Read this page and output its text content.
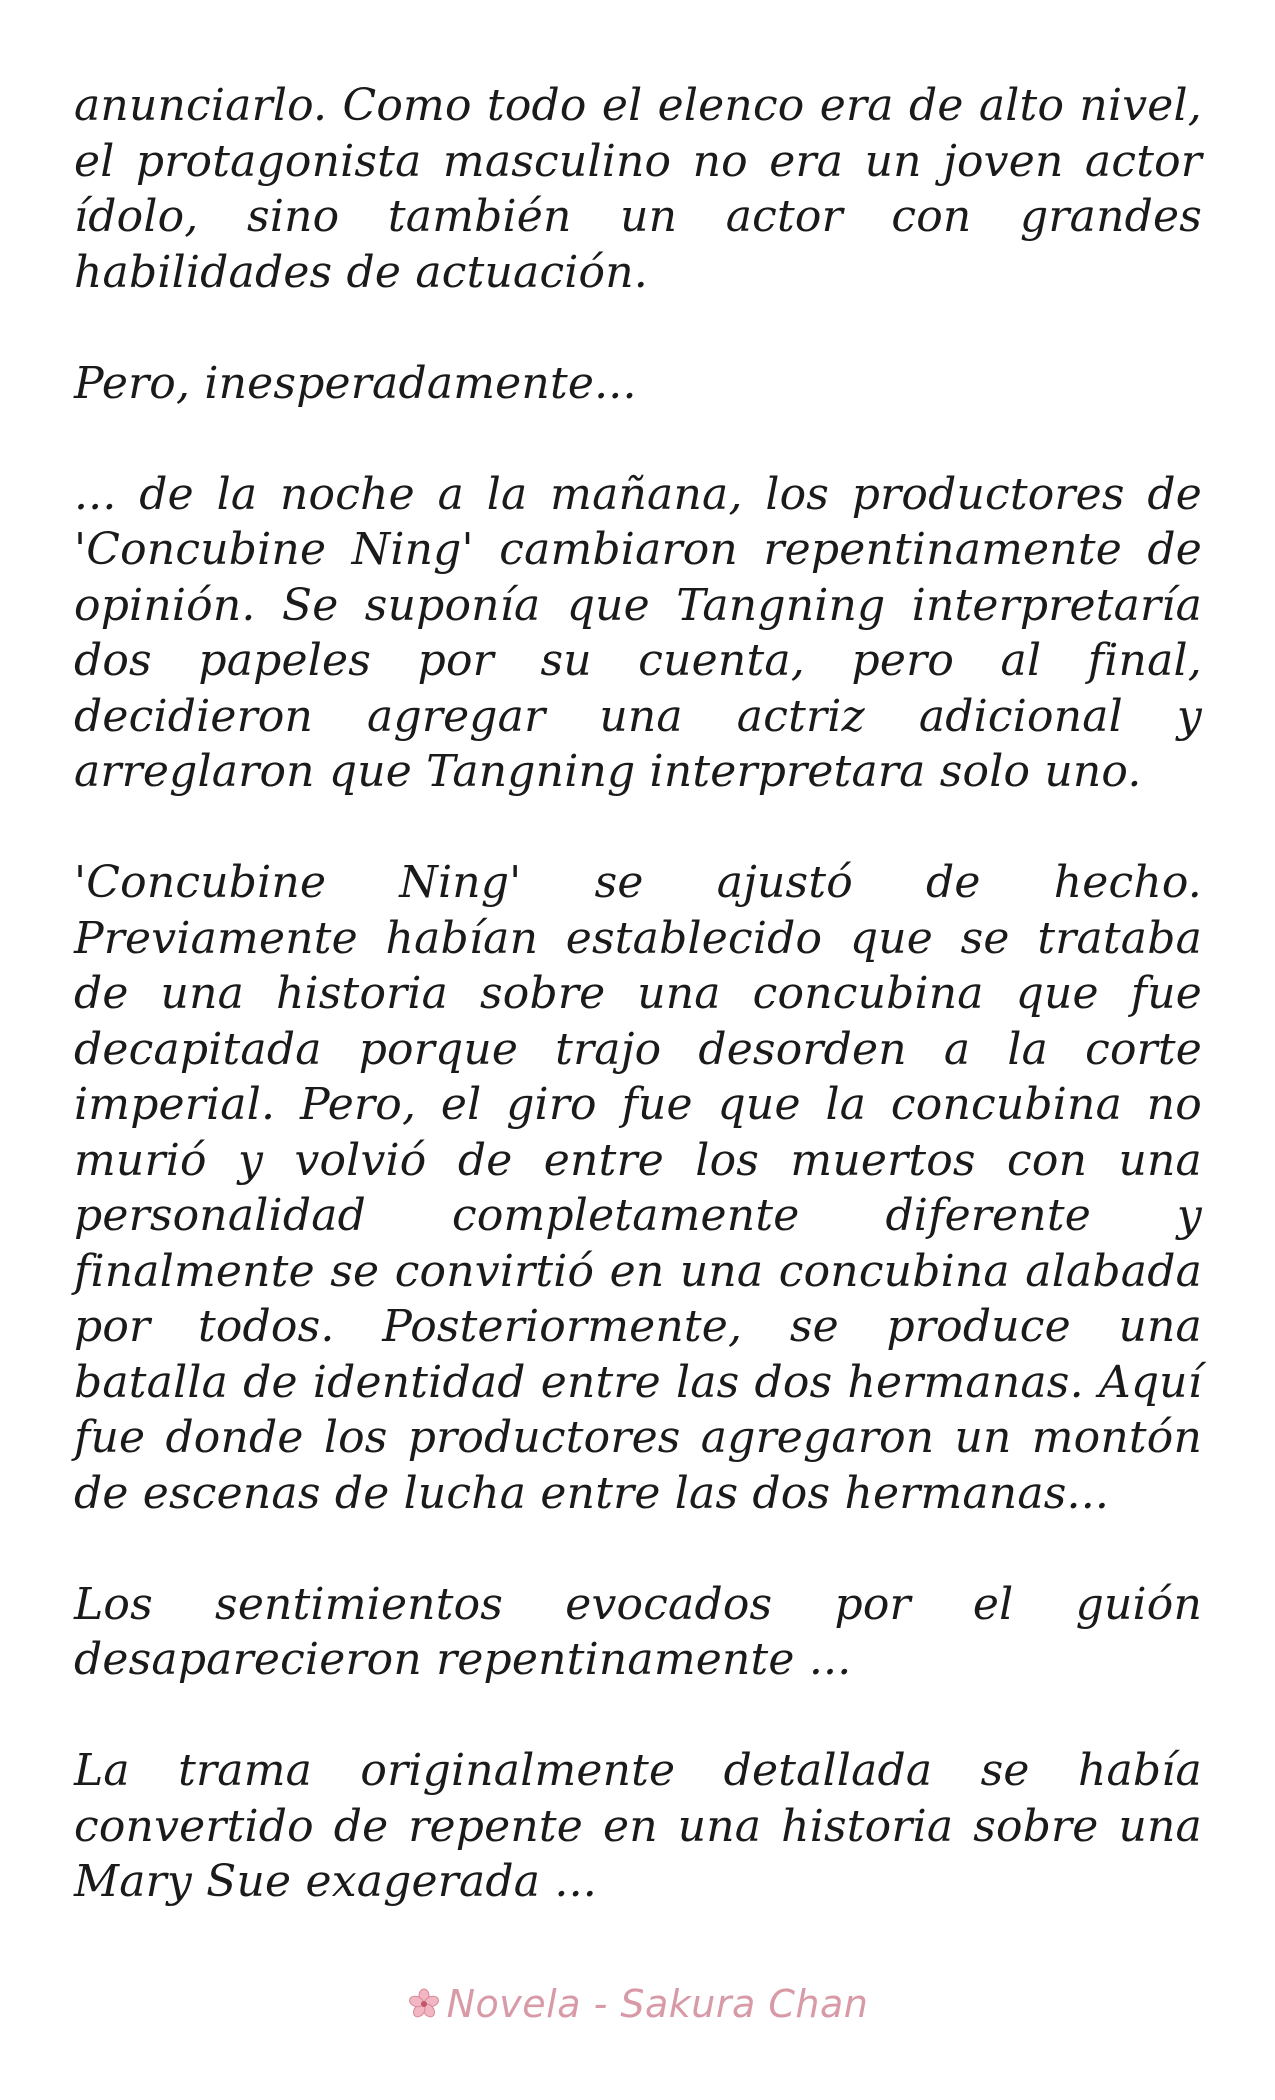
anunciarlo. Como todo el elenco era de alto nivel, el protagonista masculino no era un joven actor ídolo, sino también un actor con grandes habilidades de actuación.

Pero, inesperadamente...

... de la noche a la mañana, los productores de 'Concubine Ning' cambiaron repentinamente de opinión. Se suponía que Tangning interpretaría dos papeles por su cuenta, pero al final, decidieron agregar una actriz adicional y arreglaron que Tangning interpretara solo uno.

'Concubine Ning' se ajustó de hecho. Previamente habían establecido que se trataba de una historia sobre una concubina que fue decapitada porque trajo desorden a la corte imperial. Pero, el giro fue que la concubina no murió y volvió de entre los muertos con una personalidad completamente diferente y finalmente se convirtió en una concubina alabada por todos. Posteriormente, se produce una batalla de identidad entre las dos hermanas. Aquí fue donde los productores agregaron un montón de escenas de lucha entre las dos hermanas...

Los sentimientos evocados por el guión desaparecieron repentinamente ...

La trama originalmente detallada se había convertido de repente en una historia sobre una Mary Sue exagerada ...

Novela - Sakura Chan
